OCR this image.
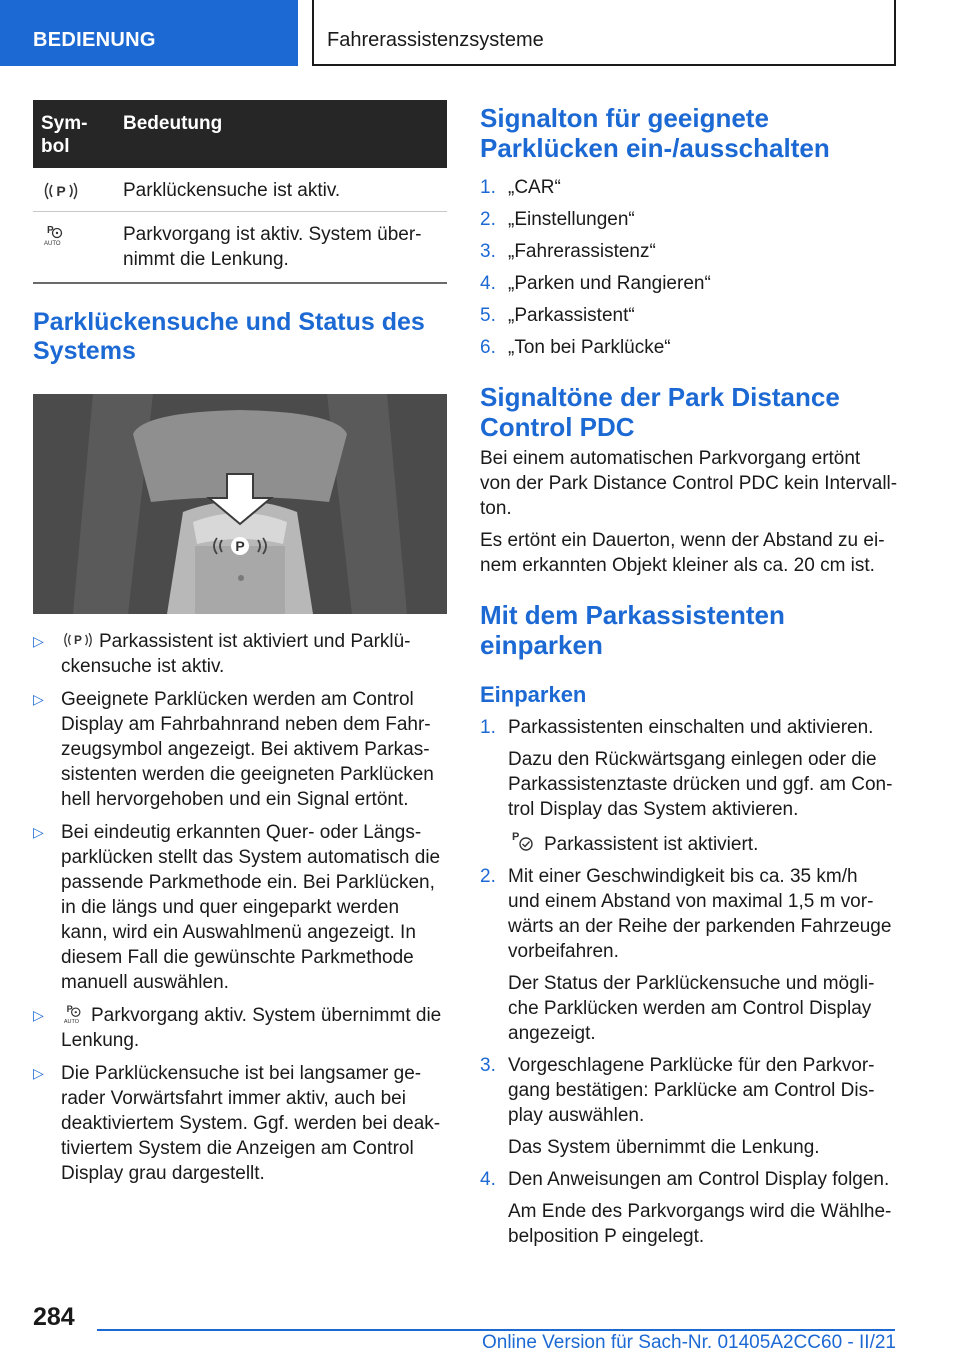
BEDIENUNG	Fahrerassistenzsysteme
Sym-
bol	Bedeutung

P	Parklückensuche ist aktiv.

P
AUTO	Parkvorgang ist aktiv. System über-
nimmt die Lenkung.
Parklückensuche und Status des Systems
P
▷ P Parkassistent ist aktiviert und Parklü-
ckensuche ist aktiv.
▷ Geeignete Parklücken werden am Control
Display am Fahrbahnrand neben dem Fahr-
zeugsymbol angezeigt. Bei aktivem Parkas-
sistenten werden die geeigneten Parklücken
hell hervorgehoben und ein Signal ertönt.
▷ Bei eindeutig erkannten Quer- oder Längs-
parklücken stellt das System automatisch die
passende Parkmethode ein. Bei Parklücken,
in die längs und quer eingeparkt werden
kann, wird ein Auswahlmenü angezeigt. In
diesem Fall die gewünschte Parkmethode
manuell auswählen.
▷ P
AUTO Parkvorgang aktiv. System übernimmt die
Lenkung.
▷ Die Parklückensuche ist bei langsamer ge-
rader Vorwärtsfahrt immer aktiv, auch bei
deaktiviertem System. Ggf. werden bei deak-
tiviertem System die Anzeigen am Control
Display grau dargestellt.
Signalton für geeignete Parklücken ein-/ausschalten
1. „CAR“
2. „Einstellungen“
3. „Fahrerassistenz“
4. „Parken und Rangieren“
5. „Parkassistent“
6. „Ton bei Parklücke“
Signaltöne der Park Distance Control PDC

Bei einem automatischen Parkvorgang ertönt
von der Park Distance Control PDC kein Intervall-
ton.

Es ertönt ein Dauerton, wenn der Abstand zu ei-
nem erkannten Objekt kleiner als ca. 20 cm ist.

Mit dem Parkassistenten einparken
Einparken
1. Parkassistenten einschalten und aktivieren.
Dazu den Rückwärtsgang einlegen oder die
Parkassistenztaste drücken und ggf. am Con-
trol Display das System aktivieren.
P Parkassistent ist aktiviert.
2. Mit einer Geschwindigkeit bis ca. 35 km/h
und einem Abstand von maximal 1,5 m vor-
wärts an der Reihe der parkenden Fahrzeuge
vorbeifahren.
Der Status der Parklückensuche und mögli-
che Parklücken werden am Control Display
angezeigt.
3. Vorgeschlagene Parklücke für den Parkvor-
gang bestätigen: Parklücke am Control Dis-
play auswählen.
Das System übernimmt die Lenkung.
4. Den Anweisungen am Control Display folgen.
Am Ende des Parkvorgangs wird die Wählhe-
belposition P eingelegt.
284
Online Version für Sach-Nr. 01405A2CC60 - II/21
